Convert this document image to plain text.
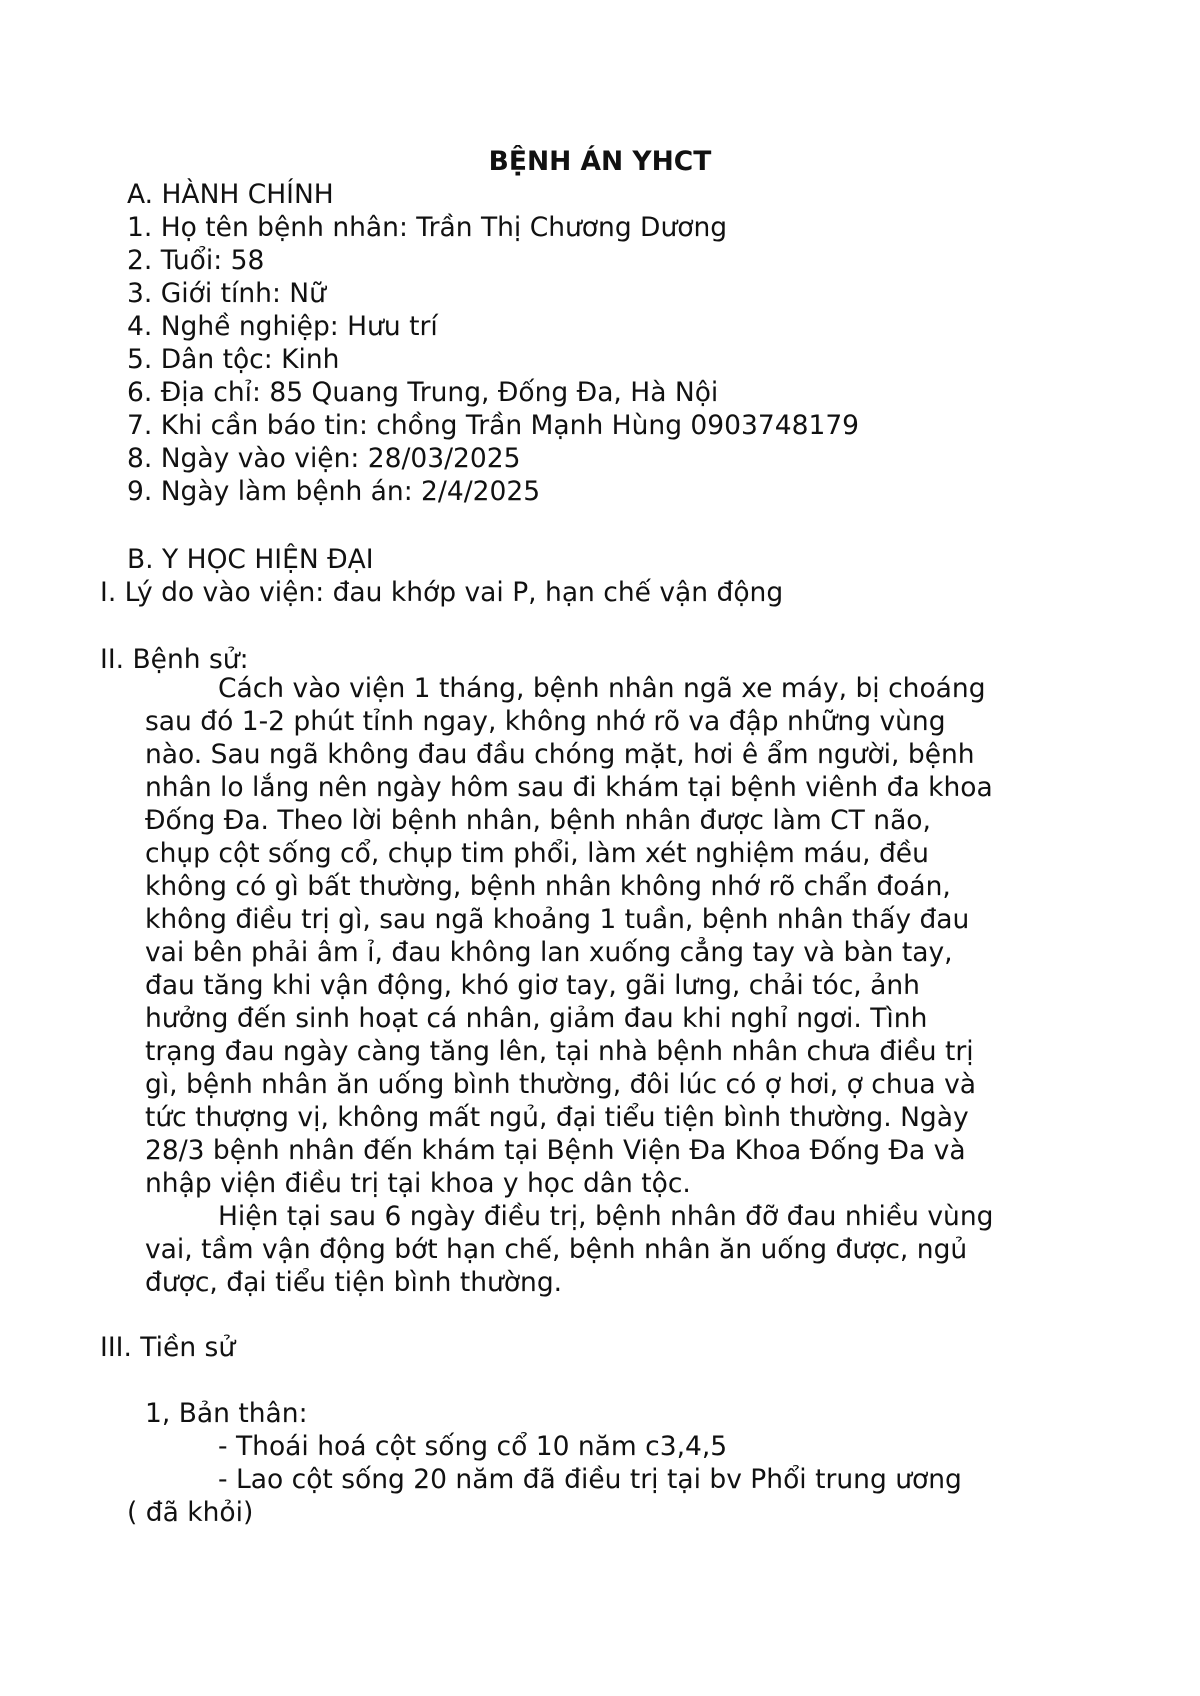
BỆNH ÁN YHCT
A. HÀNH CHÍNH
1. Họ tên bệnh nhân: Trần Thị Chương Dương
2. Tuổi: 58
3. Giới tính: Nữ
4. Nghề nghiệp: Hưu trí
5. Dân tộc: Kinh
6. Địa chỉ: 85 Quang Trung, Đống Đa, Hà Nội
7. Khi cần báo tin: chồng Trần Mạnh Hùng 0903748179
8. Ngày vào viện: 28/03/2025
9. Ngày làm bệnh án: 2/4/2025
B. Y HỌC HIỆN ĐẠI
I. Lý do vào viện: đau khớp vai P, hạn chế vận động
II. Bệnh sử:
Cách vào viện 1 tháng, bệnh nhân ngã xe máy, bị choáng
sau đó 1-2 phút tỉnh ngay, không nhớ rõ va đập những vùng
nào. Sau ngã không đau đầu chóng mặt, hơi ê ẩm người, bệnh
nhân lo lắng nên ngày hôm sau đi khám tại bệnh viênh đa khoa
Đống Đa. Theo lời bệnh nhân, bệnh nhân được làm CT não,
chụp cột sống cổ, chụp tim phổi, làm xét nghiệm máu, đều
không có gì bất thường, bệnh nhân không nhớ rõ chẩn đoán,
không điều trị gì, sau ngã khoảng 1 tuần, bệnh nhân thấy đau
vai bên phải âm ỉ, đau không lan xuống cẳng tay và bàn tay,
đau tăng khi vận động, khó giơ tay, gãi lưng, chải tóc, ảnh
hưởng đến sinh hoạt cá nhân, giảm đau khi nghỉ ngơi. Tình
trạng đau ngày càng tăng lên, tại nhà bệnh nhân chưa điều trị
gì, bệnh nhân ăn uống bình thường, đôi lúc có ợ hơi, ợ chua và
tức thượng vị, không mất ngủ, đại tiểu tiện bình thường. Ngày
28/3 bệnh nhân đến khám tại Bệnh Viện Đa Khoa Đống Đa và
nhập viện điều trị tại khoa y học dân tộc.
Hiện tại sau 6 ngày điều trị, bệnh nhân đỡ đau nhiều vùng
vai, tầm vận động bớt hạn chế, bệnh nhân ăn uống được, ngủ
được, đại tiểu tiện bình thường.
III. Tiền sử
1, Bản thân:
- Thoái hoá cột sống cổ 10 năm c3,4,5
- Lao cột sống 20 năm đã điều trị tại bv Phổi trung ương
( đã khỏi)
